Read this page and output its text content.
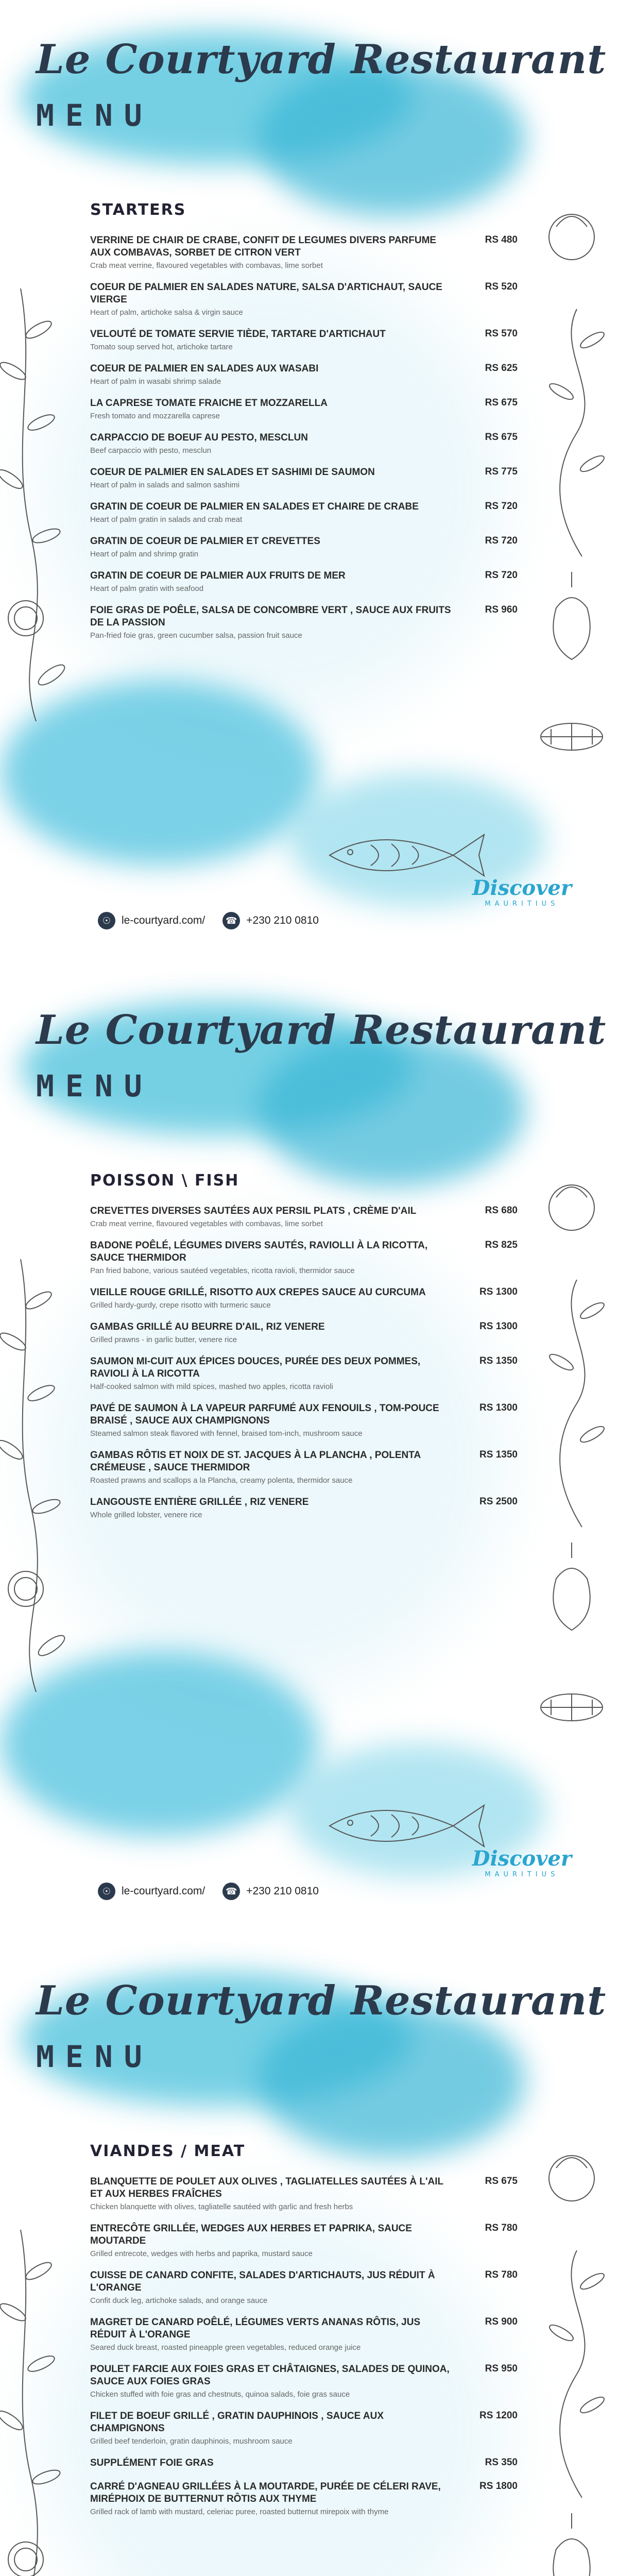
Le Courtyard Restaurant
MENU
STARTERS
VERRINE DE CHAIR DE CRABE, CONFIT DE LEGUMES DIVERS PARFUME AUX COMBAVAS, SORBET DE CITRON VERT
Crab meat verrine, flavoured vegetables with combavas, lime sorbet
RS 480
COEUR DE PALMIER EN SALADES NATURE, SALSA D'ARTICHAUT, SAUCE VIERGE
Heart of palm, artichoke salsa & virgin sauce
RS 520
VELOUTÉ DE TOMATE SERVIE TIÈDE, TARTARE D'ARTICHAUT
Tomato soup served hot, artichoke tartare
RS 570
COEUR DE PALMIER EN SALADES AUX WASABI
Heart of palm in wasabi shrimp salade
RS 625
LA CAPRESE TOMATE FRAICHE ET MOZZARELLA
Fresh tomato and mozzarella caprese
RS 675
CARPACCIO DE BOEUF AU PESTO, MESCLUN
Beef carpaccio with pesto, mesclun
RS 675
COEUR DE PALMIER EN SALADES ET SASHIMI DE SAUMON
Heart of palm in salads and salmon sashimi
RS 775
GRATIN DE COEUR DE PALMIER EN SALADES ET CHAIRE DE CRABE
Heart of palm gratin in salads and crab meat
RS 720
GRATIN DE COEUR DE PALMIER ET CREVETTES
Heart of palm and shrimp gratin
RS 720
GRATIN DE COEUR DE PALMIER AUX FRUITS DE MER
Heart of palm gratin with seafood
RS 720
FOIE GRAS DE POÊLE, SALSA DE CONCOMBRE VERT , SAUCE AUX FRUITS DE LA PASSION
Pan-fried foie gras, green cucumber salsa, passion fruit sauce
RS 960
☉ le-courtyard.com/	☎ +230 210 0810
Discover
MAURITIUS
Le Courtyard Restaurant
MENU
POISSON \ FISH
CREVETTES DIVERSES SAUTÉES AUX PERSIL PLATS , CRÈME D'AIL
Crab meat verrine, flavoured vegetables with combavas, lime sorbet
RS 680
BADONE POÊLÉ, LÉGUMES DIVERS SAUTÉS, RAVIOLLI À LA RICOTTA, SAUCE THERMIDOR
Pan fried babone, various sautéed vegetables, ricotta ravioli, thermidor sauce
RS 825
VIEILLE ROUGE GRILLÉ, RISOTTO AUX CREPES SAUCE AU CURCUMA
Grilled hardy-gurdy, crepe risotto with turmeric sauce
RS 1300
GAMBAS GRILLÉ AU BEURRE D'AIL, RIZ VENERE
Grilled prawns - in garlic butter, venere rice
RS 1300
SAUMON MI-CUIT AUX ÉPICES DOUCES, PURÉE DES DEUX POMMES, RAVIOLI À LA RICOTTA
Half-cooked salmon with mild spices, mashed two apples, ricotta ravioli
RS 1350
PAVÉ DE SAUMON À LA VAPEUR PARFUMÉ AUX FENOUILS , TOM-POUCE BRAISÉ , SAUCE AUX CHAMPIGNONS
Steamed salmon steak flavored with fennel, braised tom-inch, mushroom sauce
RS 1300
GAMBAS RÔTIS ET NOIX DE ST. JACQUES À LA PLANCHA , POLENTA CRÉMEUSE , SAUCE THERMIDOR
Roasted prawns and scallops a la Plancha, creamy polenta, thermidor sauce
RS 1350
LANGOUSTE ENTIÈRE GRILLÉE , RIZ VENERE
Whole grilled lobster, venere rice
RS 2500
☉ le-courtyard.com/	☎ +230 210 0810
Discover
MAURITIUS
Le Courtyard Restaurant
MENU
VIANDES / MEAT
BLANQUETTE DE POULET AUX OLIVES , TAGLIATELLES SAUTÉES À L'AIL ET AUX HERBES FRAÎCHES
Chicken blanquette with olives, tagliatelle sautéed with garlic and fresh herbs
RS 675
ENTRECÔTE GRILLÉE, WEDGES AUX HERBES ET PAPRIKA, SAUCE MOUTARDE
Grilled entrecote, wedges with herbs and paprika, mustard sauce
RS 780
CUISSE DE CANARD CONFITE, SALADES D'ARTICHAUTS, JUS RÉDUIT À L'ORANGE
Confit duck leg, artichoke salads, and orange sauce
RS 780
MAGRET DE CANARD POÊLÉ, LÉGUMES VERTS ANANAS RÔTIS, JUS RÉDUIT À L'ORANGE
Seared duck breast, roasted pineapple green vegetables, reduced orange juice
RS 900
POULET FARCIE AUX FOIES GRAS ET CHÂTAIGNES, SALADES DE QUINOA, SAUCE AUX FOIES GRAS
Chicken stuffed with foie gras and chestnuts, quinoa salads, foie gras sauce
RS 950
FILET DE BOEUF GRILLÉ , GRATIN DAUPHINOIS , SAUCE AUX CHAMPIGNONS
Grilled beef tenderloin, gratin dauphinois, mushroom sauce
RS 1200
SUPPLÉMENT FOIE GRAS	RS 350
CARRÉ D'AGNEAU GRILLÉES À LA MOUTARDE, PURÉE DE CÉLERI RAVE, MIRÉPHOIX DE BUTTERNUT RÔTIS AUX THYME
Grilled rack of lamb with mustard, celeriac puree, roasted butternut mirepoix with thyme
RS 1800
